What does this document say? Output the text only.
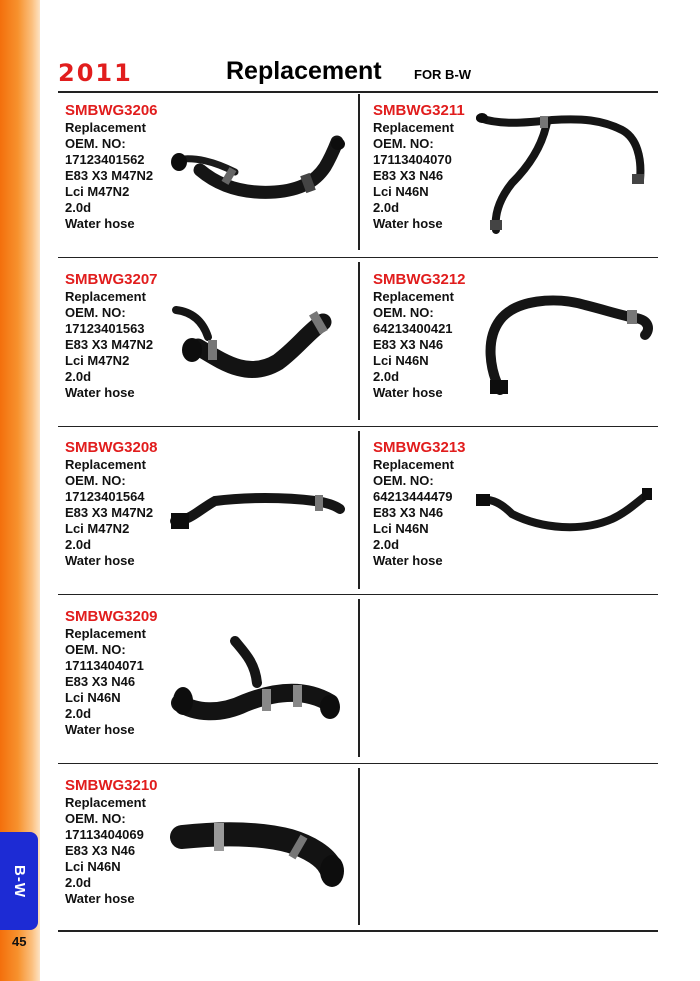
B-W
45
2011	Replacement FOR B-W
SMBWG3206
Replacement
OEM. NO:
17123401562
E83 X3 M47N2
Lci M47N2
2.0d
Water hose
SMBWG3211
Replacement
OEM. NO:
17113404070
E83 X3 N46
Lci N46N
2.0d
Water hose
SMBWG3207
Replacement
OEM. NO:
17123401563
E83 X3 M47N2
Lci M47N2
2.0d
Water hose
SMBWG3212
Replacement
OEM. NO:
64213400421
E83 X3 N46
Lci N46N
2.0d
Water hose
SMBWG3208
Replacement
OEM. NO:
17123401564
E83 X3 M47N2
Lci M47N2
2.0d
Water hose
SMBWG3213
Replacement
OEM. NO:
64213444479
E83 X3 N46
Lci N46N
2.0d
Water hose
SMBWG3209
Replacement
OEM. NO:
17113404071
E83 X3 N46
Lci N46N
2.0d
Water hose
SMBWG3210
Replacement
OEM. NO:
17113404069
E83 X3 N46
Lci N46N
2.0d
Water hose
